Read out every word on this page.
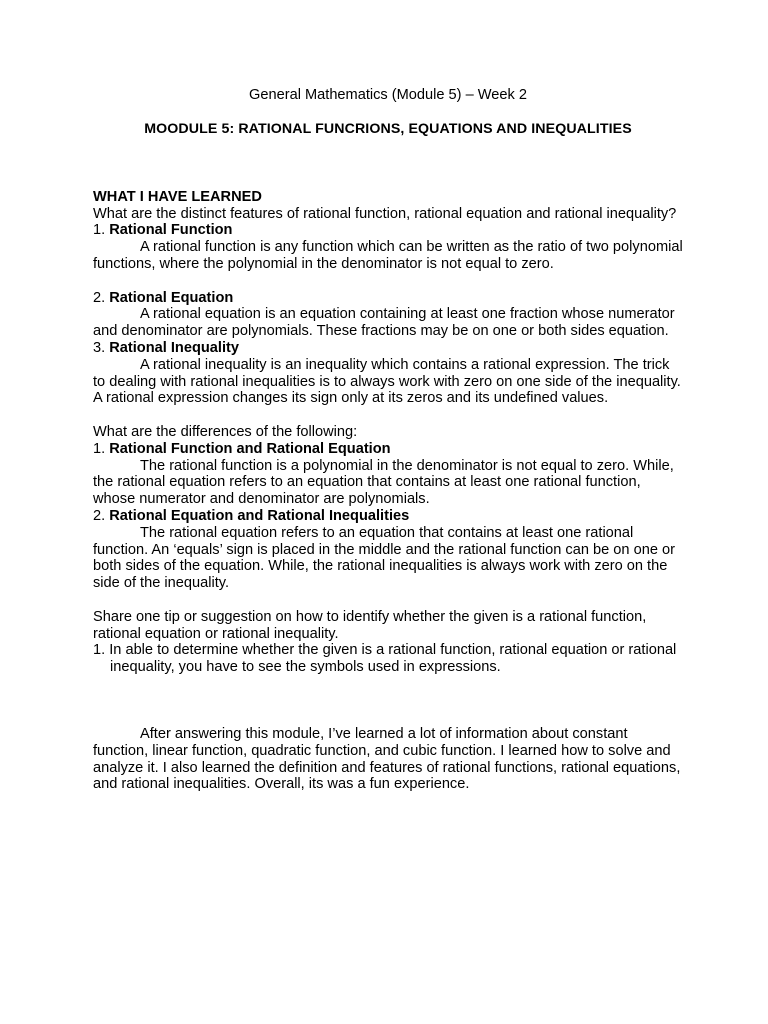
General Mathematics (Module 5) – Week 2

MOODULE 5: RATIONAL FUNCRIONS, EQUATIONS AND INEQUALITIES

WHAT I HAVE LEARNED

What are the distinct features of rational function, rational equation and rational inequality?

1. Rational Function

A rational function is any function which can be written as the ratio of two polynomial functions, where the polynomial in the denominator is not equal to zero.

2. Rational Equation

A rational equation is an equation containing at least one fraction whose numerator and denominator are polynomials. These fractions may be on one or both sides equation.

3. Rational Inequality

A rational inequality is an inequality which contains a rational expression. The trick to dealing with rational inequalities is to always work with zero on one side of the inequality. A rational expression changes its sign only at its zeros and its undefined values.

What are the differences of the following:

1. Rational Function and Rational Equation

The rational function is a polynomial in the denominator is not equal to zero. While, the rational equation refers to an equation that contains at least one rational function, whose numerator and denominator are polynomials.

2. Rational Equation and Rational Inequalities

The rational equation refers to an equation that contains at least one rational function. An ‘equals’ sign is placed in the middle and the rational function can be on one or both sides of the equation. While, the rational inequalities is always work with zero on the side of the inequality.

Share one tip or suggestion on how to identify whether the given is a rational function, rational equation or rational inequality.

1. In able to determine whether the given is a rational function, rational equation or rational inequality, you have to see the symbols used in expressions.

After answering this module, I’ve learned a lot of information about constant function, linear function, quadratic function, and cubic function. I learned how to solve and analyze it. I also learned the definition and features of rational functions, rational equations, and rational inequalities. Overall, its was a fun experience.
